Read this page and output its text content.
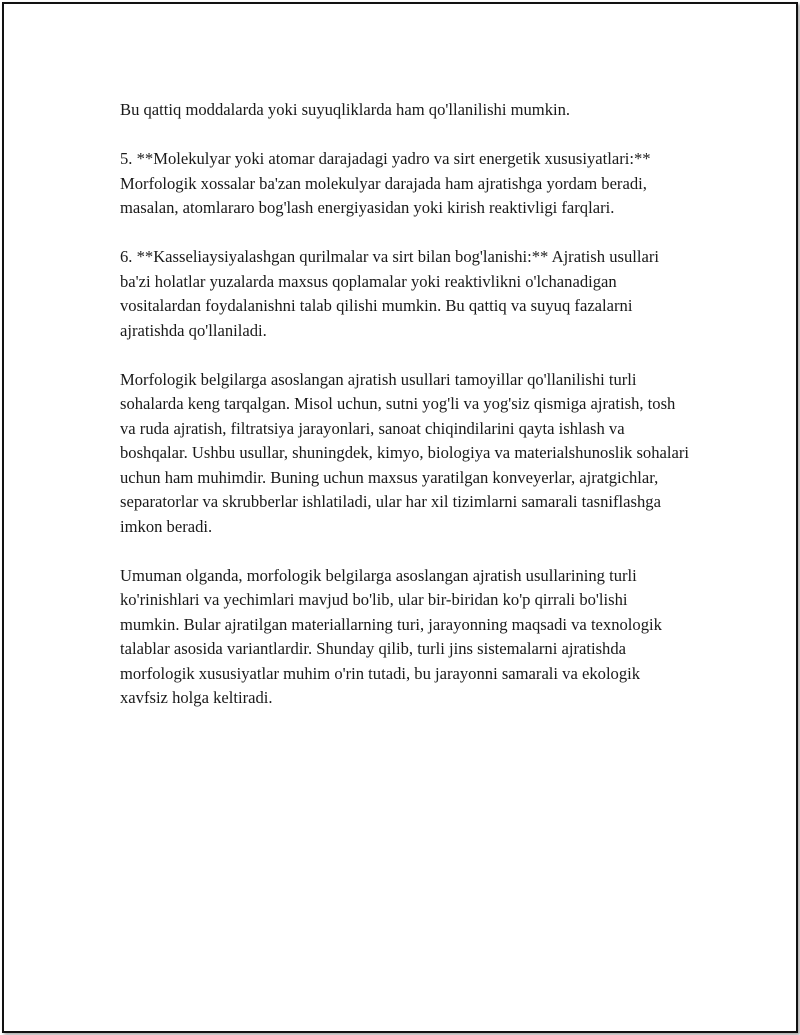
Bu qattiq moddalarda yoki suyuqliklarda ham qo'llanilishi mumkin.

5. **Molekulyar yoki atomar darajadagi yadro va sirt energetik xususiyatlari:** Morfologik xossalar ba'zan molekulyar darajada ham ajratishga yordam beradi, masalan, atomlararo bog'lash energiyasidan yoki kirish reaktivligi farqlari.

6. **Kasseliaysiyalashgan qurilmalar va sirt bilan bog'lanishi:** Ajratish usullari ba'zi holatlar yuzalarda maxsus qoplamalar yoki reaktivlikni o'lchanadigan vositalardan foydalanishni talab qilishi mumkin. Bu qattiq va suyuq fazalarni ajratishda qo'llaniladi.

Morfologik belgilarga asoslangan ajratish usullari tamoyillar qo'llanilishi turli sohalarda keng tarqalgan. Misol uchun, sutni yog'li va yog'siz qismiga ajratish, tosh va ruda ajratish, filtratsiya jarayonlari, sanoat chiqindilarini qayta ishlash va boshqalar. Ushbu usullar, shuningdek, kimyo, biologiya va materialshunoslik sohalari uchun ham muhimdir. Buning uchun maxsus yaratilgan konveyerlar, ajratgichlar, separatorlar va skrubberlar ishlatiladi, ular har xil tizimlarni samarali tasniflashga imkon beradi.

Umuman olganda, morfologik belgilarga asoslangan ajratish usullarining turli ko'rinishlari va yechimlari mavjud bo'lib, ular bir-biridan ko'p qirrali bo'lishi mumkin. Bular ajratilgan materiallarning turi, jarayonning maqsadi va texnologik talablar asosida variantlardir. Shunday qilib, turli jins sistemalarni ajratishda morfologik xususiyatlar muhim o'rin tutadi, bu jarayonni samarali va ekologik xavfsiz holga keltiradi.
